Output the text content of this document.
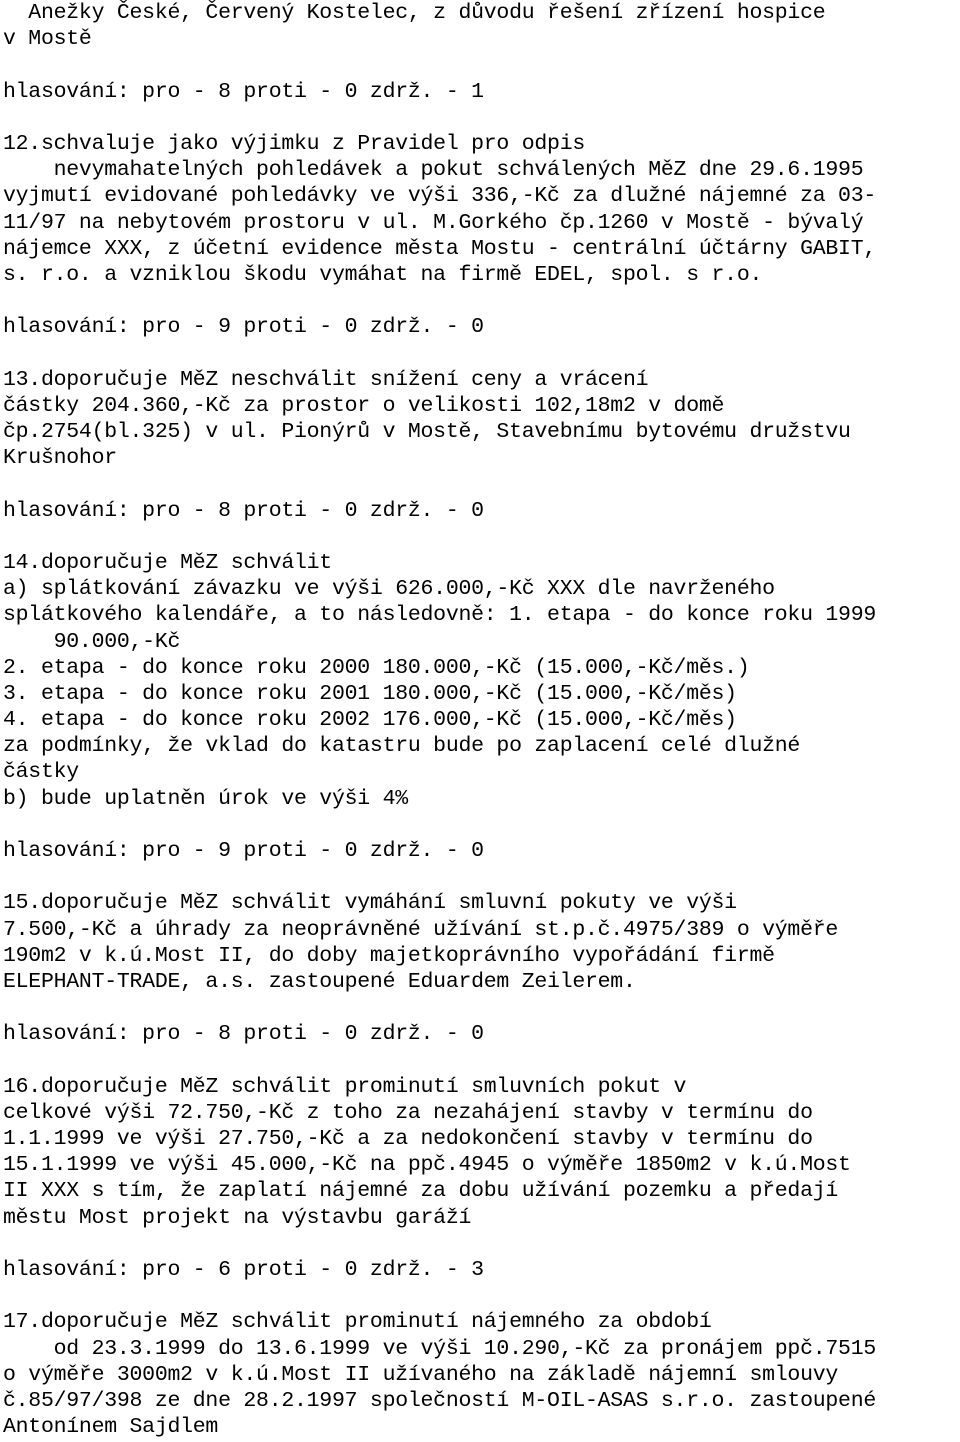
Anežky České, Červený Kostelec, z důvodu řešení zřízení hospice
v Mostě
hlasování: pro - 8 proti - 0 zdrž. - 1
12.schvaluje jako výjimku z Pravidel pro odpis
nevymahatelných pohledávek a pokut schválených MěZ dne 29.6.1995
vyjmutí evidované pohledávky ve výši 336,-Kč za dlužné nájemné za 03-
11/97 na nebytovém prostoru v ul. M.Gorkého čp.1260 v Mostě - bývalý
nájemce XXX, z účetní evidence města Mostu - centrální účtárny GABIT,
s. r.o. a vzniklou škodu vymáhat na firmě EDEL, spol. s r.o.
hlasování: pro - 9 proti - 0 zdrž. - 0
13.doporučuje MěZ neschválit snížení ceny a vrácení
částky 204.360,-Kč za prostor o velikosti 102,18m2 v domě
čp.2754(bl.325) v ul. Pionýrů v Mostě, Stavebnímu bytovému družstvu
Krušnohor
hlasování: pro - 8 proti - 0 zdrž. - 0
14.doporučuje MěZ schválit
a) splátkování závazku ve výši 626.000,-Kč XXX dle navrženého
splátkového kalendáře, a to následovně: 1. etapa - do konce roku 1999
90.000,-Kč
2. etapa - do konce roku 2000 180.000,-Kč (15.000,-Kč/měs.)
3. etapa - do konce roku 2001 180.000,-Kč (15.000,-Kč/měs)
4. etapa - do konce roku 2002 176.000,-Kč (15.000,-Kč/měs)
za podmínky, že vklad do katastru bude po zaplacení celé dlužné
částky
b) bude uplatněn úrok ve výši 4%
hlasování: pro - 9 proti - 0 zdrž. - 0
15.doporučuje MěZ schválit vymáhání smluvní pokuty ve výši
7.500,-Kč a úhrady za neoprávněné užívání st.p.č.4975/389 o výměře
190m2 v k.ú.Most II, do doby majetkoprávního vypořádání firmě
ELEPHANT-TRADE, a.s. zastoupené Eduardem Zeilerem.
hlasování: pro - 8 proti - 0 zdrž. - 0
16.doporučuje MěZ schválit prominutí smluvních pokut v
celkové výši 72.750,-Kč z toho za nezahájení stavby v termínu do
1.1.1999 ve výši 27.750,-Kč a za nedokončení stavby v termínu do
15.1.1999 ve výši 45.000,-Kč na ppč.4945 o výměře 1850m2 v k.ú.Most
II XXX s tím, že zaplatí nájemné za dobu užívání pozemku a předají
městu Most projekt na výstavbu garáží
hlasování: pro - 6 proti - 0 zdrž. - 3
17.doporučuje MěZ schválit prominutí nájemného za období
od 23.3.1999 do 13.6.1999 ve výši 10.290,-Kč za pronájem ppč.7515
o výměře 3000m2 v k.ú.Most II užívaného na základě nájemní smlouvy
č.85/97/398 ze dne 28.2.1997 společností M-OIL-ASAS s.r.o. zastoupené
Antonínem Sajdlem
